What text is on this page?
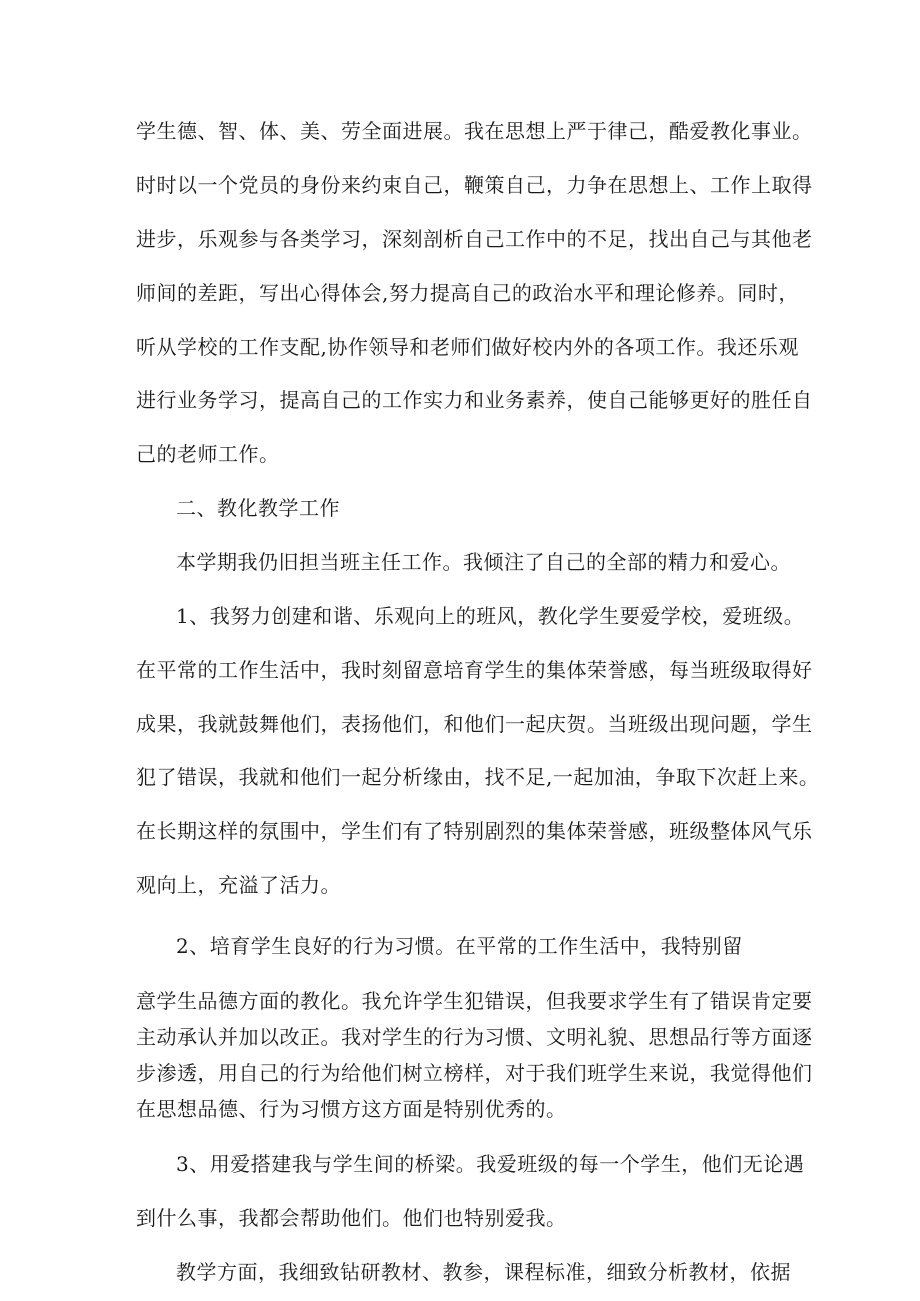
学生德、智、体、美、劳全面进展。我在思想上严于律己，酷爱教化事业。
时时以一个党员的身份来约束自己，鞭策自己，力争在思想上、工作上取得
进步，乐观参与各类学习，深刻剖析自己工作中的不足，找出自己与其他老
师间的差距，写出心得体会,努力提高自己的政治水平和理论修养。同时，
听从学校的工作支配,协作领导和老师们做好校内外的各项工作。我还乐观
进行业务学习，提高自己的工作实力和业务素养，使自己能够更好的胜任自
己的老师工作。
二、教化教学工作
本学期我仍旧担当班主任工作。我倾注了自己的全部的精力和爱心。
1、我努力创建和谐、乐观向上的班风，教化学生要爱学校，爱班级。
在平常的工作生活中，我时刻留意培育学生的集体荣誉感，每当班级取得好
成果，我就鼓舞他们，表扬他们，和他们一起庆贺。当班级出现问题，学生
犯了错误，我就和他们一起分析缘由，找不足,一起加油，争取下次赶上来。
在长期这样的氛围中，学生们有了特别剧烈的集体荣誉感，班级整体风气乐
观向上，充溢了活力。
2、培育学生良好的行为习惯。在平常的工作生活中，我特别留
意学生品德方面的教化。我允许学生犯错误，但我要求学生有了错误肯定要
主动承认并加以改正。我对学生的行为习惯、文明礼貌、思想品行等方面逐
步渗透，用自己的行为给他们树立榜样，对于我们班学生来说，我觉得他们
在思想品德、行为习惯方这方面是特别优秀的。
3、用爱搭建我与学生间的桥梁。我爱班级的每一个学生，他们无论遇
到什么事，我都会帮助他们。他们也特别爱我。
教学方面，我细致钻研教材、教参，课程标准，细致分析教材，依据
